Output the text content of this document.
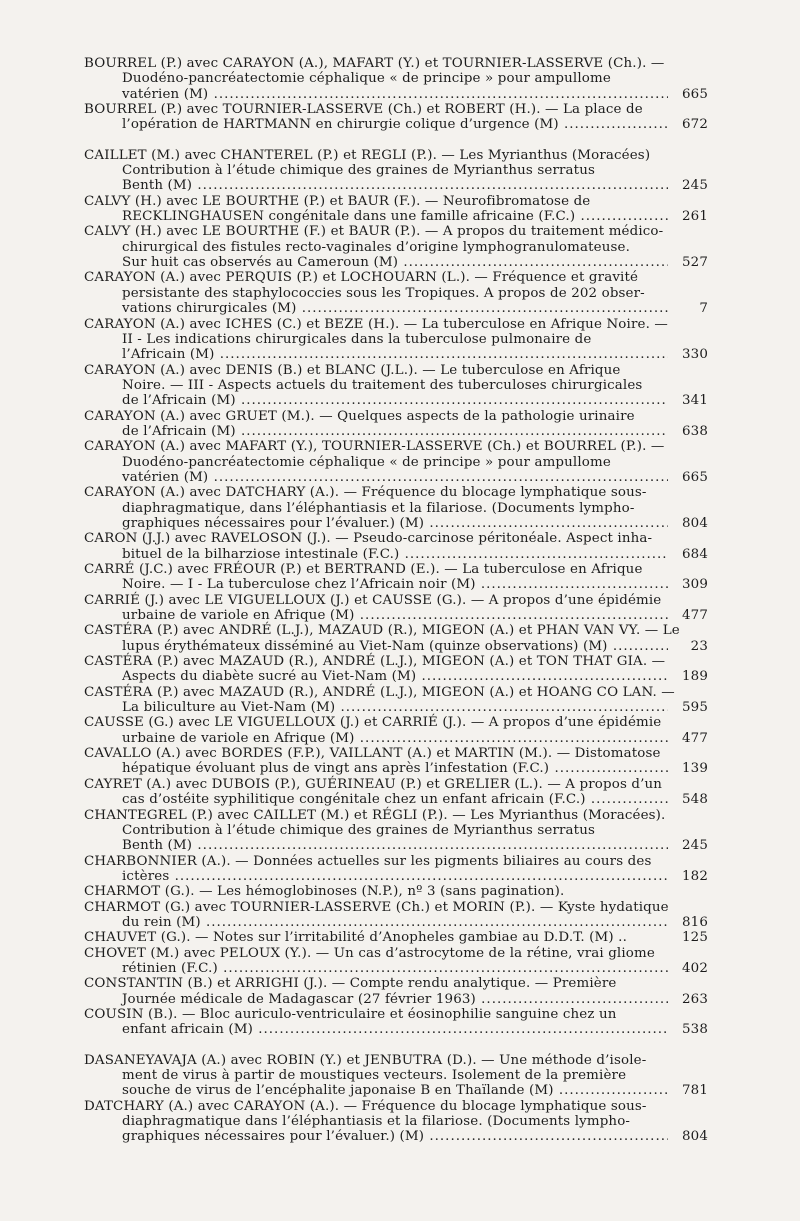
BOURREL (P.) avec CARAYON (A.), MAFART (Y.) et TOURNIER-LASSERVE (Ch.). —
Duodéno-pancréatectomie céphalique « de principe » pour ampullome
vatérien (M) .....	665
BOURREL (P.) avec TOURNIER-LASSERVE (Ch.) et ROBERT (H.). — La place de
l’opération de HARTMANN en chirurgie colique d’urgence (M) .....	672
CAILLET (M.) avec CHANTEREL (P.) et REGLI (P.). — Les Myrianthus (Moracées)
Contribution à l’étude chimique des graines de Myrianthus serratus
Benth (M) .....	245
CALVY (H.) avec LE BOURTHE (P.) et BAUR (F.). — Neurofibromatose de
RECKLINGHAUSEN congénitale dans une famille africaine (F.C.) .....	261
CALVY (H.) avec LE BOURTHE (F.) et BAUR (P.). — A propos du traitement médico-
chirurgical des fistules recto-vaginales d’origine lymphogranulomateuse.
Sur huit cas observés au Cameroun (M) .....	527
CARAYON (A.) avec PERQUIS (P.) et LOCHOUARN (L.). — Fréquence et gravité
persistante des staphylococcies sous les Tropiques. A propos de 202 obser-
vations chirurgicales (M) .....	7
CARAYON (A.) avec ICHES (C.) et BEZE (H.). — La tuberculose en Afrique Noire. —
II - Les indications chirurgicales dans la tuberculose pulmonaire de
l’Africain (M) .....	330
CARAYON (A.) avec DENIS (B.) et BLANC (J.L.). — Le tuberculose en Afrique
Noire. — III - Aspects actuels du traitement des tuberculoses chirurgicales
de l’Africain (M) .....	341
CARAYON (A.) avec GRUET (M.). — Quelques aspects de la pathologie urinaire
de l’Africain (M) .....	638
CARAYON (A.) avec MAFART (Y.), TOURNIER-LASSERVE (Ch.) et BOURREL (P.). —
Duodéno-pancréatectomie céphalique « de principe » pour ampullome
vatérien (M) .....	665
CARAYON (A.) avec DATCHARY (A.). — Fréquence du blocage lymphatique sous-
diaphragmatique, dans l’éléphantiasis et la filariose. (Documents lympho-
graphiques nécessaires pour l’évaluer.) (M) .....	804
CARON (J.J.) avec RAVELOSON (J.). — Pseudo-carcinose péritonéale. Aspect inha-
bituel de la bilharziose intestinale (F.C.) .....	684
CARRÉ (J.C.) avec FRÉOUR (P.) et BERTRAND (E.). — La tuberculose en Afrique
Noire. — I - La tuberculose chez l’Africain noir (M) .....	309
CARRIÉ (J.) avec LE VIGUELLOUX (J.) et CAUSSE (G.). — A propos d’une épidémie
urbaine de variole en Afrique (M) .....	477
CASTÉRA (P.) avec ANDRÉ (L.J.), MAZAUD (R.), MIGEON (A.) et PHAN VAN VY. — Le
lupus érythémateux disséminé au Viet-Nam (quinze observations) (M) .....	23
CASTÉRA (P.) avec MAZAUD (R.), ANDRÉ (L.J.), MIGEON (A.) et TON THAT GIA. —
Aspects du diabète sucré au Viet-Nam (M) .....	189
CASTÉRA (P.) avec MAZAUD (R.), ANDRÉ (L.J.), MIGEON (A.) et HOANG CO LAN. —
La biliculture au Viet-Nam (M) .....	595
CAUSSE (G.) avec LE VIGUELLOUX (J.) et CARRIÉ (J.). — A propos d’une épidémie
urbaine de variole en Afrique (M) .....	477
CAVALLO (A.) avec BORDES (F.P.), VAILLANT (A.) et MARTIN (M.). — Distomatose
hépatique évoluant plus de vingt ans après l’infestation (F.C.) .....	139
CAYRET (A.) avec DUBOIS (P.), GUÉRINEAU (P.) et GRELIER (L.). — A propos d’un
cas d’ostéite syphilitique congénitale chez un enfant africain (F.C.) .....	548
CHANTEGREL (P.) avec CAILLET (M.) et RÉGLI (P.). — Les Myrianthus (Moracées).
Contribution à l’étude chimique des graines de Myrianthus serratus
Benth (M) .....	245
CHARBONNIER (A.). — Données actuelles sur les pigments biliaires au cours des
ictères .....	182
CHARMOT (G.). — Les hémoglobinoses (N.P.), nº 3 (sans pagination).
CHARMOT (G.) avec TOURNIER-LASSERVE (Ch.) et MORIN (P.). — Kyste hydatique
du rein (M) .....	816
CHAUVET (G.). — Notes sur l’irritabilité d’Anopheles gambiae au D.D.T. (M) ..	125
CHOVET (M.) avec PELOUX (Y.). — Un cas d’astrocytome de la rétine, vrai gliome
rétinien (F.C.) .....	402
CONSTANTIN (B.) et ARRIGHI (J.). — Compte rendu analytique. — Première
Journée médicale de Madagascar (27 février 1963) .....	263
COUSIN (B.). — Bloc auriculo-ventriculaire et éosinophilie sanguine chez un
enfant africain (M) .....	538
DASANEYAVAJA (A.) avec ROBIN (Y.) et JENBUTRA (D.). — Une méthode d’isole-
ment de virus à partir de moustiques vecteurs. Isolement de la première
souche de virus de l’encéphalite japonaise B en Thaïlande (M) .....	781
DATCHARY (A.) avec CARAYON (A.). — Fréquence du blocage lymphatique sous-
diaphragmatique dans l’éléphantiasis et la filariose. (Documents lympho-
graphiques nécessaires pour l’évaluer.) (M) .....	804
